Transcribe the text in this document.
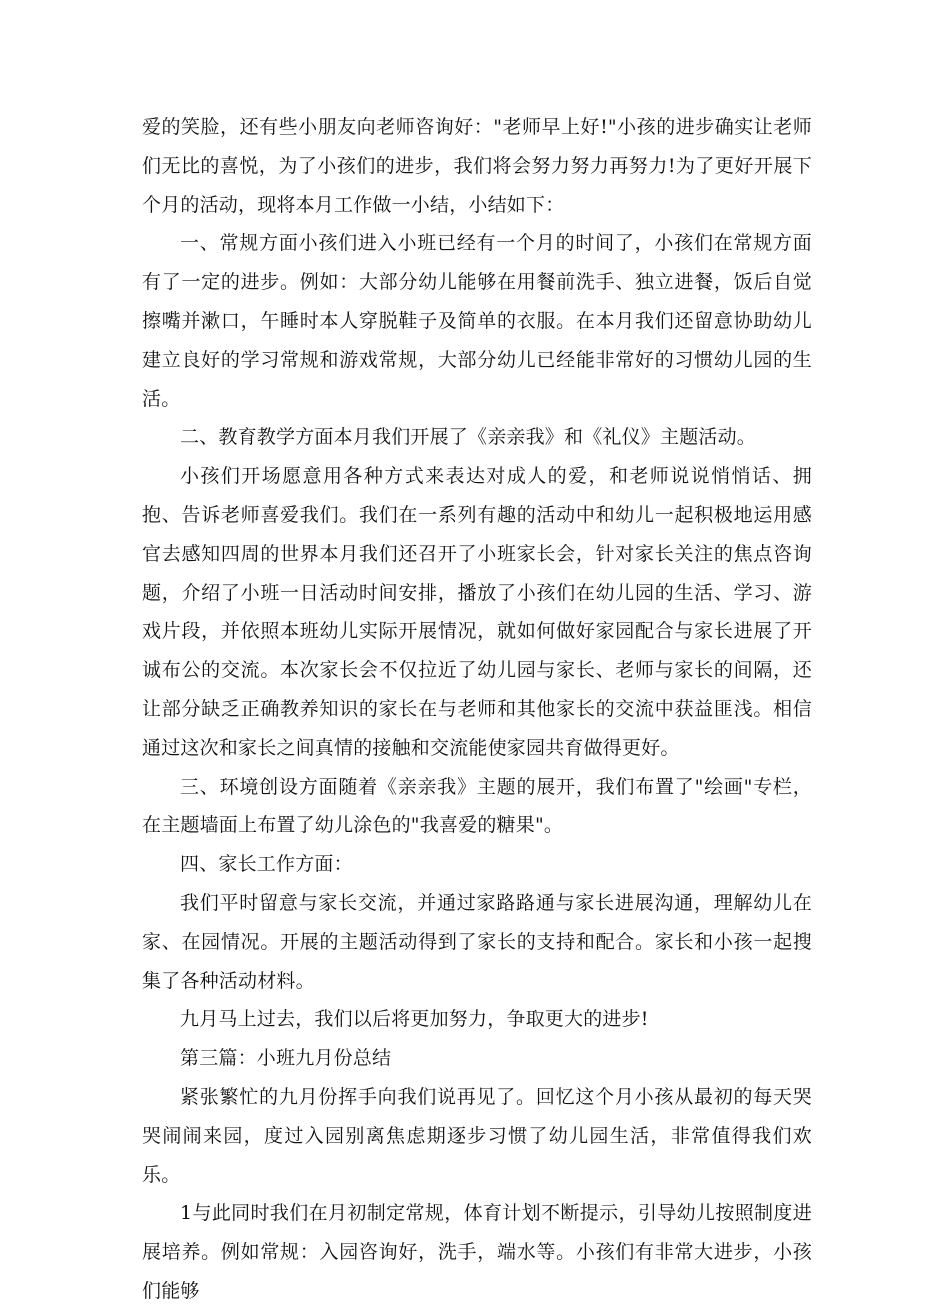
爱的笑脸，还有些小朋友向老师咨询好："老师早上好!"小孩的进步确实让老师们无比的喜悦，为了小孩们的进步，我们将会努力努力再努力!为了更好开展下个月的活动，现将本月工作做一小结，小结如下：

一、常规方面小孩们进入小班已经有一个月的时间了，小孩们在常规方面有了一定的进步。例如：大部分幼儿能够在用餐前洗手、独立进餐，饭后自觉擦嘴并漱口，午睡时本人穿脱鞋子及简单的衣服。在本月我们还留意协助幼儿建立良好的学习常规和游戏常规，大部分幼儿已经能非常好的习惯幼儿园的生活。

二、教育教学方面本月我们开展了《亲亲我》和《礼仪》主题活动。

小孩们开场愿意用各种方式来表达对成人的爱，和老师说说悄悄话、拥抱、告诉老师喜爱我们。我们在一系列有趣的活动中和幼儿一起积极地运用感官去感知四周的世界本月我们还召开了小班家长会，针对家长关注的焦点咨询题，介绍了小班一日活动时间安排，播放了小孩们在幼儿园的生活、学习、游戏片段，并依照本班幼儿实际开展情况，就如何做好家园配合与家长进展了开诚布公的交流。本次家长会不仅拉近了幼儿园与家长、老师与家长的间隔，还让部分缺乏正确教养知识的家长在与老师和其他家长的交流中获益匪浅。相信通过这次和家长之间真情的接触和交流能使家园共育做得更好。

三、环境创设方面随着《亲亲我》主题的展开，我们布置了"绘画"专栏，在主题墙面上布置了幼儿涂色的"我喜爱的糖果"。

四、家长工作方面：

我们平时留意与家长交流，并通过家路路通与家长进展沟通，理解幼儿在家、在园情况。开展的主题活动得到了家长的支持和配合。家长和小孩一起搜集了各种活动材料。

九月马上过去，我们以后将更加努力，争取更大的进步!

第三篇：小班九月份总结

紧张繁忙的九月份挥手向我们说再见了。回忆这个月小孩从最初的每天哭哭闹闹来园，度过入园别离焦虑期逐步习惯了幼儿园生活，非常值得我们欢乐。

1与此同时我们在月初制定常规，体育计划不断提示，引导幼儿按照制度进展培养。例如常规：入园咨询好，洗手，端水等。小孩们有非常大进步，小孩们能够
